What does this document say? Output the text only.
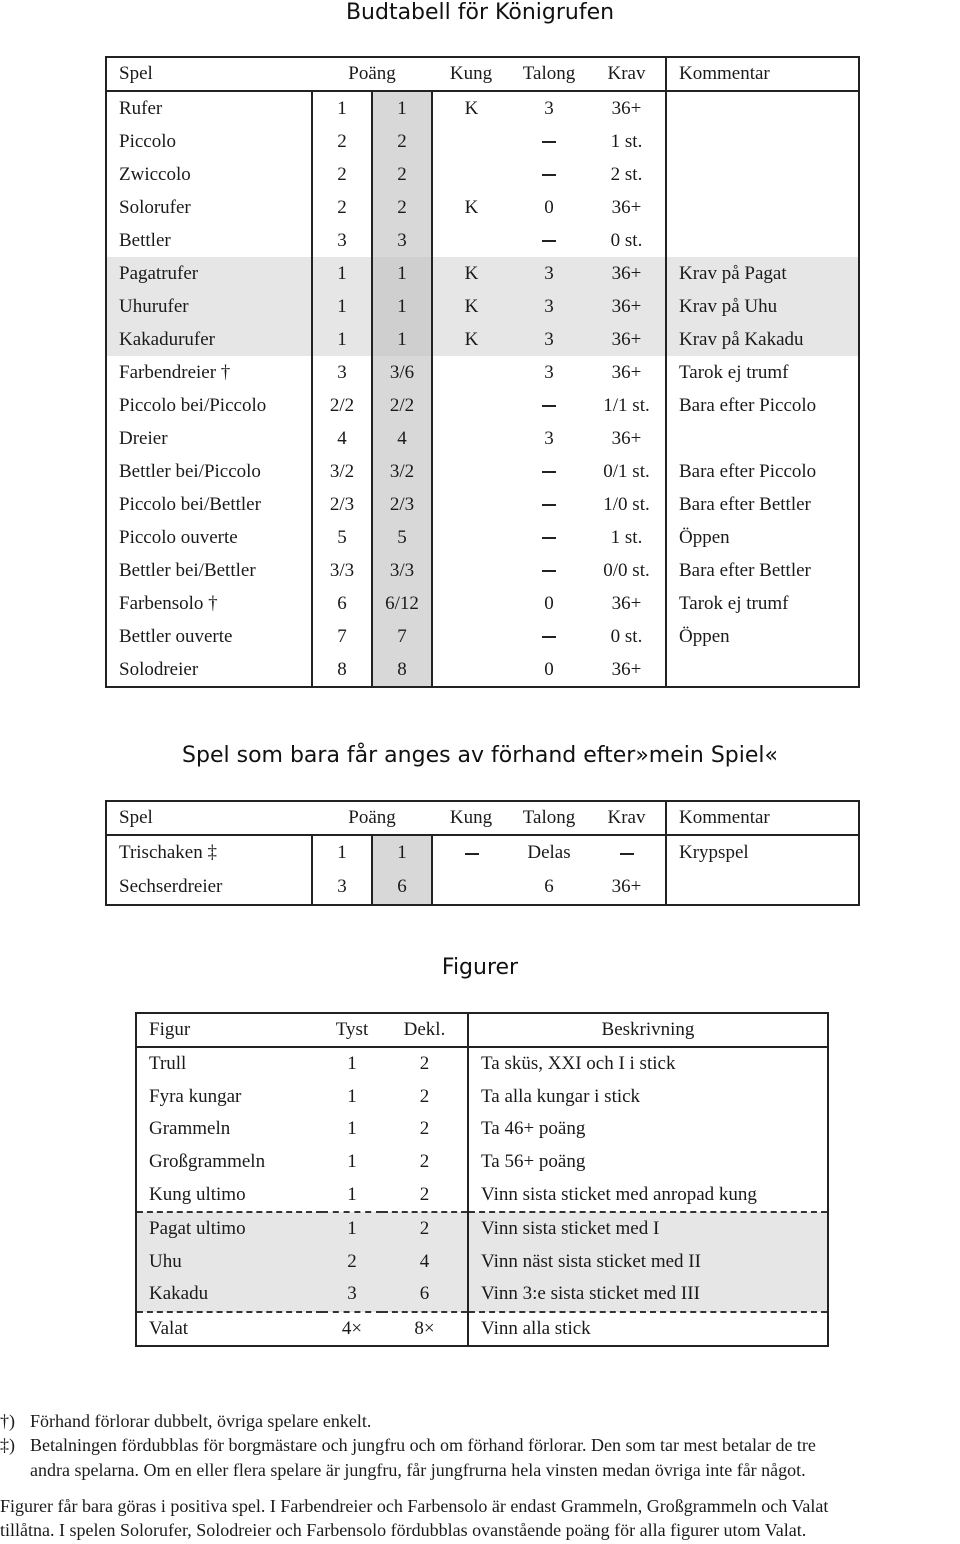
Budtabell för Königrufen
Spel	Poäng		Kung	Talong	Krav	Kommentar
Rufer	1	1	K	3	36+	
Piccolo	2	2			1 st.	
Zwiccolo	2	2			2 st.	
Solorufer	2	2	K	0	36+	
Bettler	3	3			0 st.	
Pagatrufer	1	1	K	3	36+	Krav på Pagat
Uhurufer	1	1	K	3	36+	Krav på Uhu
Kakadurufer	1	1	K	3	36+	Krav på Kakadu
Farbendreier †	3	3/6		3	36+	Tarok ej trumf
Piccolo bei/Piccolo	2/2	2/2			1/1 st.	Bara efter Piccolo
Dreier	4	4		3	36+	
Bettler bei/Piccolo	3/2	3/2			0/1 st.	Bara efter Piccolo
Piccolo bei/Bettler	2/3	2/3			1/0 st.	Bara efter Bettler
Piccolo ouverte	5	5			1 st.	Öppen
Bettler bei/Bettler	3/3	3/3			0/0 st.	Bara efter Bettler
Farbensolo †	6	6/12		0	36+	Tarok ej trumf
Bettler ouverte	7	7			0 st.	Öppen
Solodreier	8	8		0	36+	
Spel som bara får anges av förhand efter»mein Spiel«
Spel	Poäng		Kung	Talong	Krav	Kommentar
Trischaken ‡	1	1		Delas		Krypspel
Sechserdreier	3	6		6	36+	
Figurer
Figur	Tyst	Dekl.	Beskrivning
Trull	1	2	Ta sküs, XXI och I i stick
Fyra kungar	1	2	Ta alla kungar i stick
Grammeln	1	2	Ta 46+ poäng
Großgrammeln	1	2	Ta 56+ poäng
Kung ultimo	1	2	Vinn sista sticket med anropad kung
Pagat ultimo	1	2	Vinn sista sticket med I
Uhu	2	4	Vinn näst sista sticket med II
Kakadu	3	6	Vinn 3:e sista sticket med III
Valat	4×	8×	Vinn alla stick
†) Förhand förlorar dubbelt, övriga spelare enkelt.
‡) Betalningen fördubblas för borgmästare och jungfru och om förhand förlorar. Den som tar mest betalar de tre
andra spelarna. Om en eller flera spelare är jungfru, får jungfrurna hela vinsten medan övriga inte får något.
Figurer får bara göras i positiva spel. I Farbendreier och Farbensolo är endast Grammeln, Großgrammeln och Valat
tillåtna. I spelen Solorufer, Solodreier och Farbensolo fördubblas ovanstående poäng för alla figurer utom Valat.
